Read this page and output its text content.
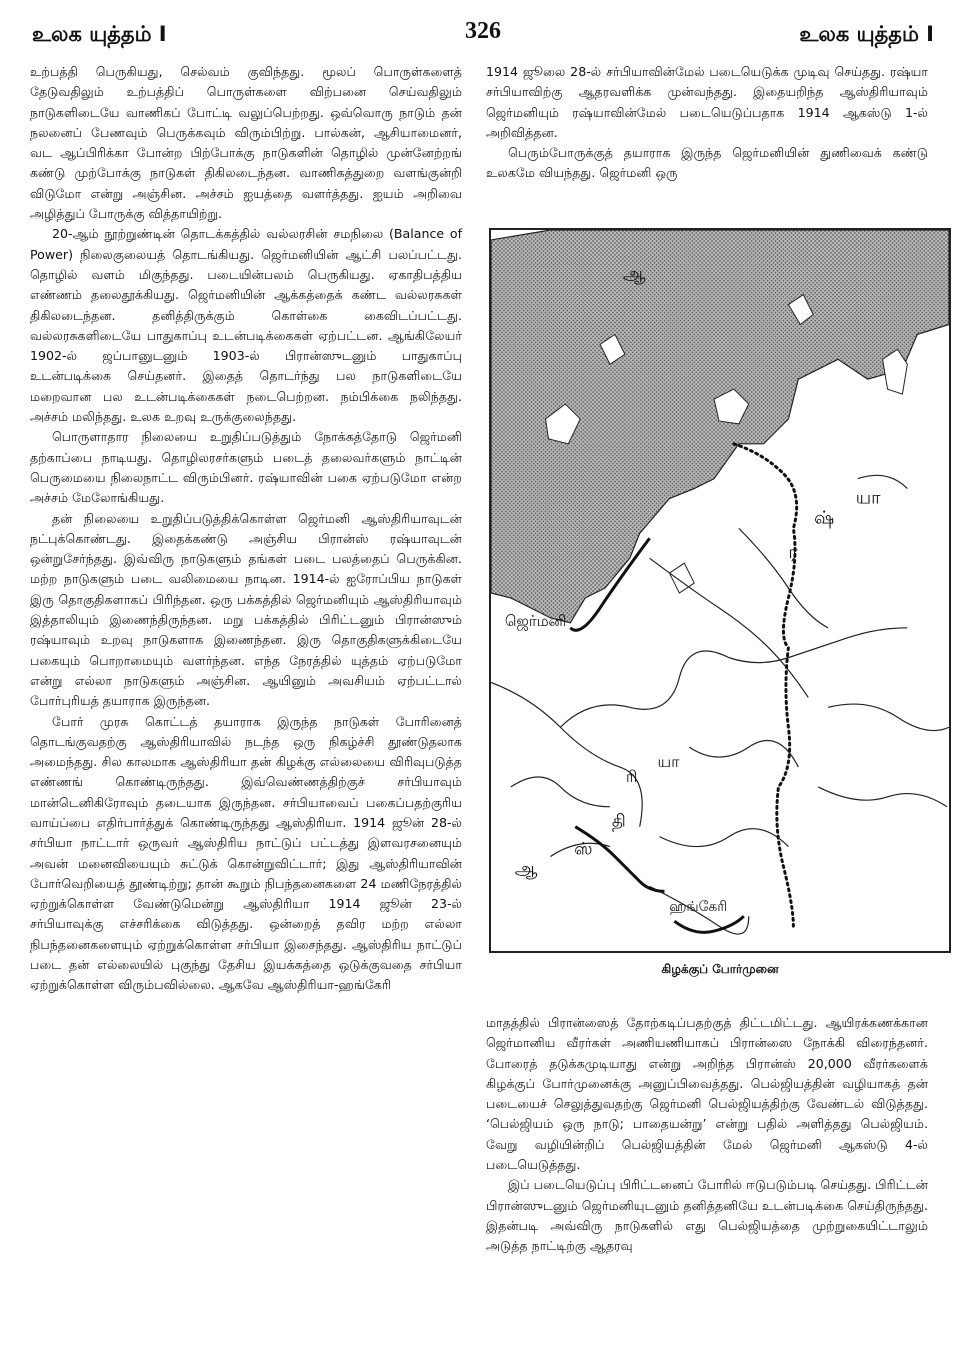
உலக யுத்தம் I	326	உலக யுத்தம் I

உற்பத்தி பெருகியது, செல்வம் குவிந்தது. மூலப் பொருள்களைத் தேடுவதிலும் உற்பத்திப் பொருள்களை விற்பனை செய்வதிலும் நாடுகளிடையே வாணிகப் போட்டி வலுப்பெற்றது. ஒவ்வொரு நாடும் தன் நலனைப் பேணவும் பெருக்கவும் விரும்பிற்று. பால்கன், ஆசியாமைனர், வட ஆப்பிரிக்கா போன்ற பிற்போக்கு நாடுகளின் தொழில் முன்னேற்றங் கண்டு முற்போக்கு நாடுகள் திகிலடைந்தன. வாணிகத்துறை வளங்குன்றி விடுமோ என்று அஞ்சின. அச்சம் ஐயத்தை வளர்த்தது. ஐயம் அறிவை அழித்துப் போருக்கு வித்தாயிற்று.

20-ஆம் நூற்றுண்டின் தொடக்கத்தில் வல்லரசின் சமநிலை (Balance of Power) நிலைகுலையத் தொடங்கியது. ஜெர்மனியின் ஆட்சி பலப்பட்டது. தொழில் வளம் மிகுந்தது. படையின்பலம் பெருகியது. ஏகாதிபத்திய எண்ணம் தலைதூக்கியது. ஜெர்மனியின் ஆக்கத்தைக் கண்ட வல்லரசுகள் திகிலடைந்தன. தனித்திருக்கும் கொள்கை கைவிடப்பட்டது. வல்லரசுகளிடையே பாதுகாப்பு உடன்படிக்கைகள் ஏற்பட்டன. ஆங்கிலேயர் 1902-ல் ஜப்பானுடனும் 1903-ல் பிரான்ஸுடனும் பாதுகாப்பு உடன்படிக்கை செய்தனர். இதைத் தொடர்ந்து பல நாடுகளிடையே மறைவான பல உடன்படிக்கைகள் நடைபெற்றன. நம்பிக்கை நலிந்தது. அச்சம் மலிந்தது. உலக உறவு உருக்குலைந்தது.

பொருளாதார நிலையை உறுதிப்படுத்தும் நோக்கத்தோடு ஜெர்மனி தற்காப்பை நாடியது. தொழிலரசர்களும் படைத் தலைவர்களும் நாட்டின் பெருமையை நிலைநாட்ட விரும்பினர். ரஷ்யாவின் பகை ஏற்படுமோ என்ற அச்சம் மேலோங்கியது.

தன் நிலையை உறுதிப்படுத்திக்கொள்ள ஜெர்மனி ஆஸ்திரியாவுடன் நட்புக்கொண்டது. இதைக்கண்டு அஞ்சிய பிரான்ஸ் ரஷ்யாவுடன் ஒன்றுசேர்ந்தது. இவ்விரு நாடுகளும் தங்கள் படை பலத்தைப் பெருக்கின. மற்ற நாடுகளும் படை வலிமையை நாடின. 1914-ல் ஐரோப்பிய நாடுகள் இரு தொகுதிகளாகப் பிரிந்தன. ஒரு பக்கத்தில் ஜெர்மனியும் ஆஸ்திரியாவும் இத்தாலியும் இணைந்திருந்தன. மறு பக்கத்தில் பிரிட்டனும் பிரான்ஸும் ரஷ்யாவும் உறவு நாடுகளாக இணைந்தன. இரு தொகுதிகளுக்கிடையே பகையும் பொறாமையும் வளர்ந்தன. எந்த நேரத்தில் யுத்தம் ஏற்படுமோ என்று எல்லா நாடுகளும் அஞ்சின. ஆயினும் அவசியம் ஏற்பட்டால் போர்புரியத் தயாராக இருந்தன.

போர் முரசு கொட்டத் தயாராக இருந்த நாடுகள் போரினைத் தொடங்குவதற்கு ஆஸ்திரியாவில் நடந்த ஒரு நிகழ்ச்சி தூண்டுதலாக அமைந்தது. சில காலமாக ஆஸ்திரியா தன் கிழக்கு எல்லையை விரிவுபடுத்த எண்ணங் கொண்டிருந்தது. இவ்வெண்ணத்திற்குச் சர்பியாவும் மான்டெனிகிரோவும் தடையாக இருந்தன. சர்பியாவைப் பகைப்பதற்குரிய வாய்ப்பை எதிர்பார்த்துக் கொண்டிருந்தது ஆஸ்திரியா. 1914 ஜூன் 28-ல் சர்பியா நாட்டார் ஒருவர் ஆஸ்திரிய நாட்டுப் பட்டத்து இளவரசனையும் அவன் மனைவியையும் சுட்டுக் கொன்றுவிட்டார்; இது ஆஸ்திரியாவின் போர்வெறியைத் தூண்டிற்று; தான் கூறும் நிபந்தனைகளை 24 மணிநேரத்தில் ஏற்றுக்கொள்ள வேண்டுமென்று ஆஸ்திரியா 1914 ஜூன் 23-ல் சர்பியாவுக்கு எச்சரிக்கை விடுத்தது. ஒன்றைத் தவிர மற்ற எல்லா நிபந்தனைகளையும் ஏற்றுக்கொள்ள சர்பியா இசைந்தது. ஆஸ்திரிய நாட்டுப் படை தன் எல்லையில் புகுந்து தேசிய இயக்கத்தை ஒடுக்குவதை சர்பியா ஏற்றுக்கொள்ள விரும்பவில்லை. ஆகவே ஆஸ்திரியா-ஹங்கேரி

1914 ஜூலை 28-ல் சர்பியாவின்மேல் படையெடுக்க முடிவு செய்தது. ரஷ்யா சர்பியாவிற்கு ஆதரவளிக்க முன்வந்தது. இதையறிந்த ஆஸ்திரியாவும் ஜெர்மனியும் ரஷ்யாவின்மேல் படையெடுப்பதாக 1914 ஆகஸ்டு 1-ல் அறிவித்தன.

பெரும்போருக்குத் தயாராக இருந்த ஜெர்மனியின் துணிவைக் கண்டு உலகமே வியந்தது. ஜெர்மனி ஒரு

ஆ
ஜெர்மனி
ர
ஷ்
யா
ரி
யா
ஸ்
தி
ஆ
ஹங்கேரி
கிழக்குப் போர்முனை

மாதத்தில் பிரான்ஸைத் தோற்கடிப்பதற்குத் திட்டமிட்டது. ஆயிரக்கணக்கான ஜெர்மானிய வீரர்கள் அணியணியாகப் பிரான்ஸை நோக்கி விரைந்தனர். போரைத் தடுக்கமுடியாது என்று அறிந்த பிரான்ஸ் 20,000 வீரர்களைக் கிழக்குப் போர்முனைக்கு அனுப்பிவைத்தது. பெல்ஜியத்தின் வழியாகத் தன் படையைச் செலுத்துவதற்கு ஜெர்மனி பெல்ஜியத்திற்கு வேண்டல் விடுத்தது. ‘பெல்ஜியம் ஒரு நாடு; பாதையன்று’ என்று பதில் அளித்தது பெல்ஜியம். வேறு வழியின்றிப் பெல்ஜியத்தின் மேல் ஜெர்மனி ஆகஸ்டு 4-ல் படையெடுத்தது.

இப் படையெடுப்பு பிரிட்டனைப் போரில் ஈடுபடும்படி செய்தது. பிரிட்டன் பிரான்ஸுடனும் ஜெர்மனியுடனும் தனித்தனியே உடன்படிக்கை செய்திருந்தது. இதன்படி அவ்விரு நாடுகளில் எது பெல்ஜியத்தை முற்றுகையிட்டாலும் அடுத்த நாட்டிற்கு ஆதரவு
